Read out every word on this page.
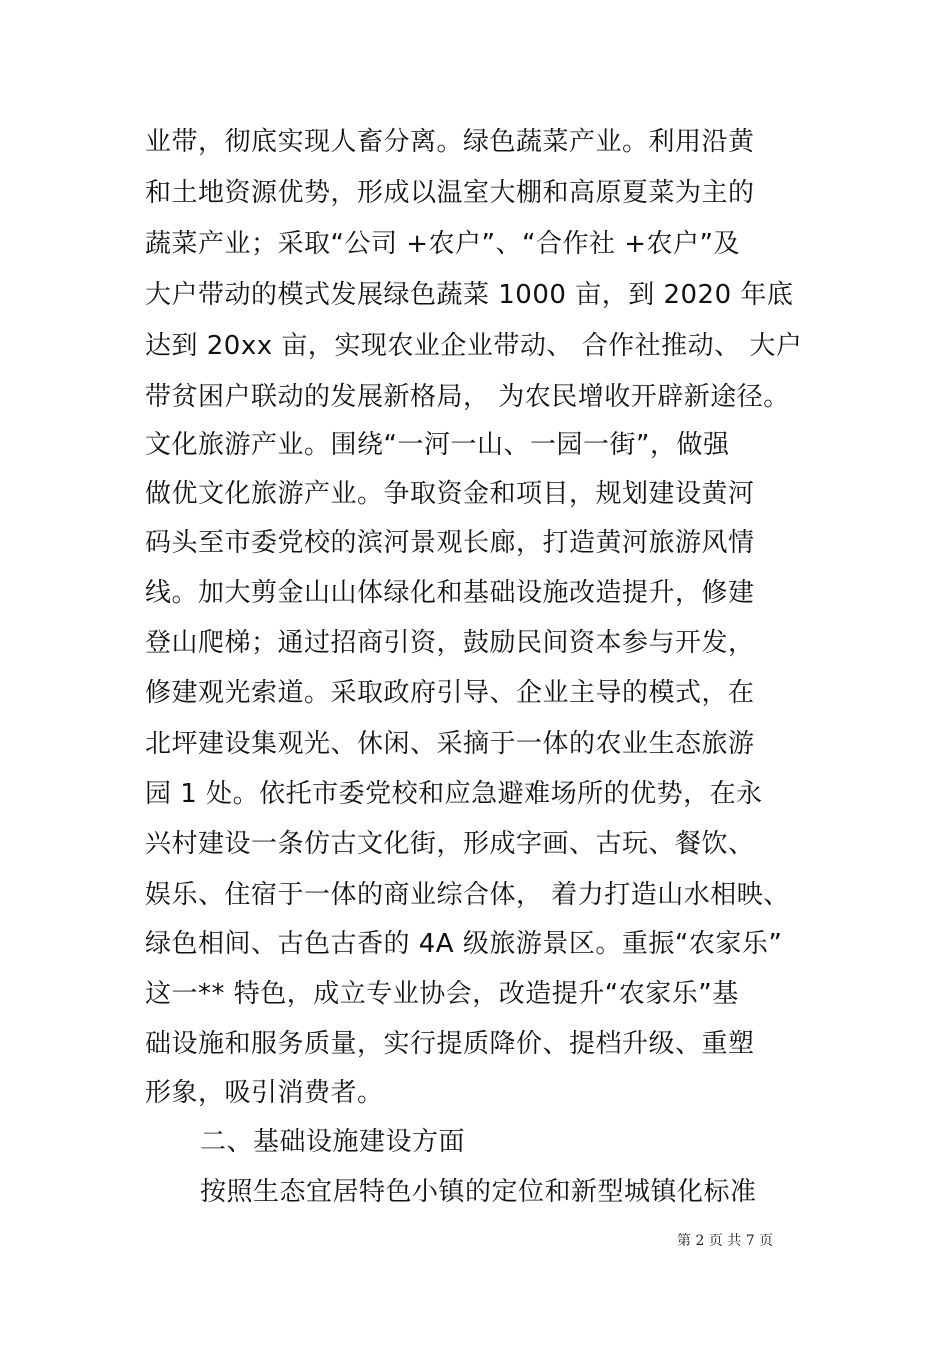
业带，彻底实现人畜分离。绿色蔬菜产业。利用沿黄
和土地资源优势，形成以温室大棚和高原夏菜为主的
蔬菜产业；采取“公司 +农户”、“合作社 +农户”及
大户带动的模式发展绿色蔬菜 1000 亩，到 2020 年底
达到 20xx 亩，实现农业企业带动、 合作社推动、 大户
带贫困户联动的发展新格局， 为农民增收开辟新途径。
文化旅游产业。围绕“一河一山、一园一街”，做强
做优文化旅游产业。争取资金和项目，规划建设黄河
码头至市委党校的滨河景观长廊，打造黄河旅游风情
线。加大剪金山山体绿化和基础设施改造提升，修建
登山爬梯；通过招商引资，鼓励民间资本参与开发，
修建观光索道。采取政府引导、企业主导的模式，在
北坪建设集观光、休闲、采摘于一体的农业生态旅游
园 1 处。依托市委党校和应急避难场所的优势，在永
兴村建设一条仿古文化街，形成字画、古玩、餐饮、
娱乐、住宿于一体的商业综合体， 着力打造山水相映、
绿色相间、古色古香的 4A 级旅游景区。重振“农家乐”
这一** 特色，成立专业协会，改造提升“农家乐”基
础设施和服务质量，实行提质降价、提档升级、重塑
形象，吸引消费者。
二、基础设施建设方面
按照生态宜居特色小镇的定位和新型城镇化标准
第 2 页 共 7 页
